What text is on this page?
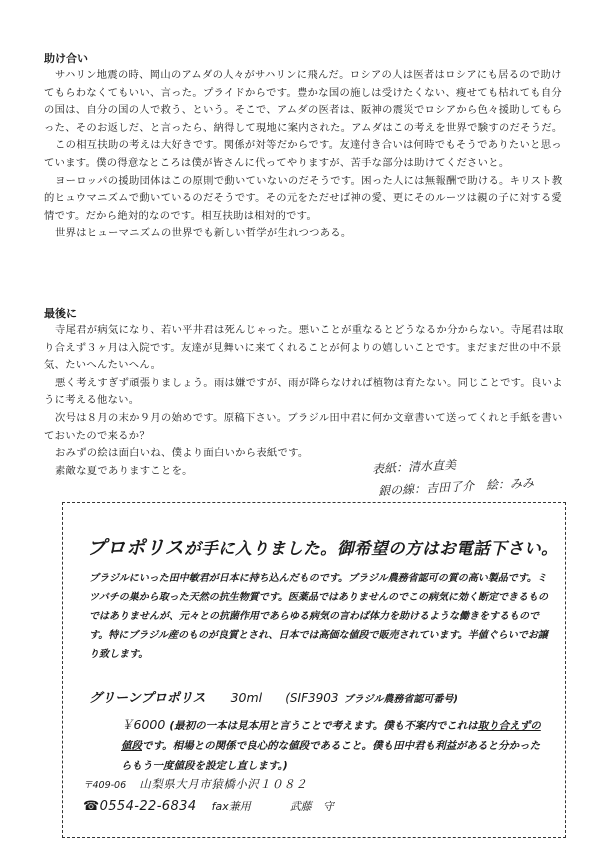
助け合い

サハリン地震の時、岡山のアムダの人々がサハリンに飛んだ。ロシアの人は医者はロシアにも居るので助けてもらわなくてもいい、言った。プライドからです。豊かな国の施しは受けたくない、痩せても枯れても自分の国は、自分の国の人で救う、という。そこで、アムダの医者は、阪神の震災でロシアから色々援助してもらった、そのお返しだ、と言ったら、納得して現地に案内された。アムダはこの考えを世界で験すのだそうだ。

この相互扶助の考えは大好きです。関係が対等だからです。友達付き合いは何時でもそうでありたいと思っています。僕の得意なところは僕が皆さんに代ってやりますが、苦手な部分は助けてくださいと。

ヨーロッパの援助団体はこの原則で動いていないのだそうです。困った人には無報酬で助ける。キリスト教的ヒュウマニズムで動いているのだそうです。その元をただせば神の愛、更にそのルーツは親の子に対する愛情です。だから絶対的なのです。相互扶助は相対的です。

世界はヒューマニズムの世界でも新しい哲学が生れつつある。

最後に

寺尾君が病気になり、若い平井君は死んじゃった。悪いことが重なるとどうなるか分からない。寺尾君は取り合えず３ヶ月は入院です。友達が見舞いに来てくれることが何よりの嬉しいことです。まだまだ世の中不景気、たいへんたいへん。

悪く考えすぎず頑張りましょう。雨は嫌ですが、雨が降らなければ植物は育たない。同じことです。良いように考える他ない。

次号は８月の末か９月の始めです。原稿下さい。ブラジル田中君に何か文章書いて送ってくれと手紙を書いておいたので来るか？

おみずの絵は面白いね、僕より面白いから表紙です。

素敵な夏でありますことを。	表紙：清水直美
銀の線：吉田了介　絵：みみ
プロポリスが手に入りました。御希望の方はお電話下さい。

ブラジルにいった田中敏君が日本に持ち込んだものです。ブラジル農務省認可の質の高い製品です。ミツバチの巣から取った天然の抗生物質です。医薬品ではありませんのでこの病気に効く断定できるものではありませんが、元々との抗菌作用であらゆる病気の言わば体力を助けるような働きをするものです。特にブラジル産のものが良質とされ、日本では高価な値段で販売されています。半値ぐらいでお譲り致します。

グリーンプロポリス 30ml (SIF3903 ブラジル農務省認可番号)

￥6000 (最初の一本は見本用と言うことで考えます。僕も不案内でこれは取り合えずの値段です。相場との関係で良心的な値段であること。僕も田中君も利益があると分かったらもう一度値段を設定し直します。)

〒409-06 山梨県大月市猿橋小沢１０８２
☎0554-22-6834 fax兼用	武藤　守
